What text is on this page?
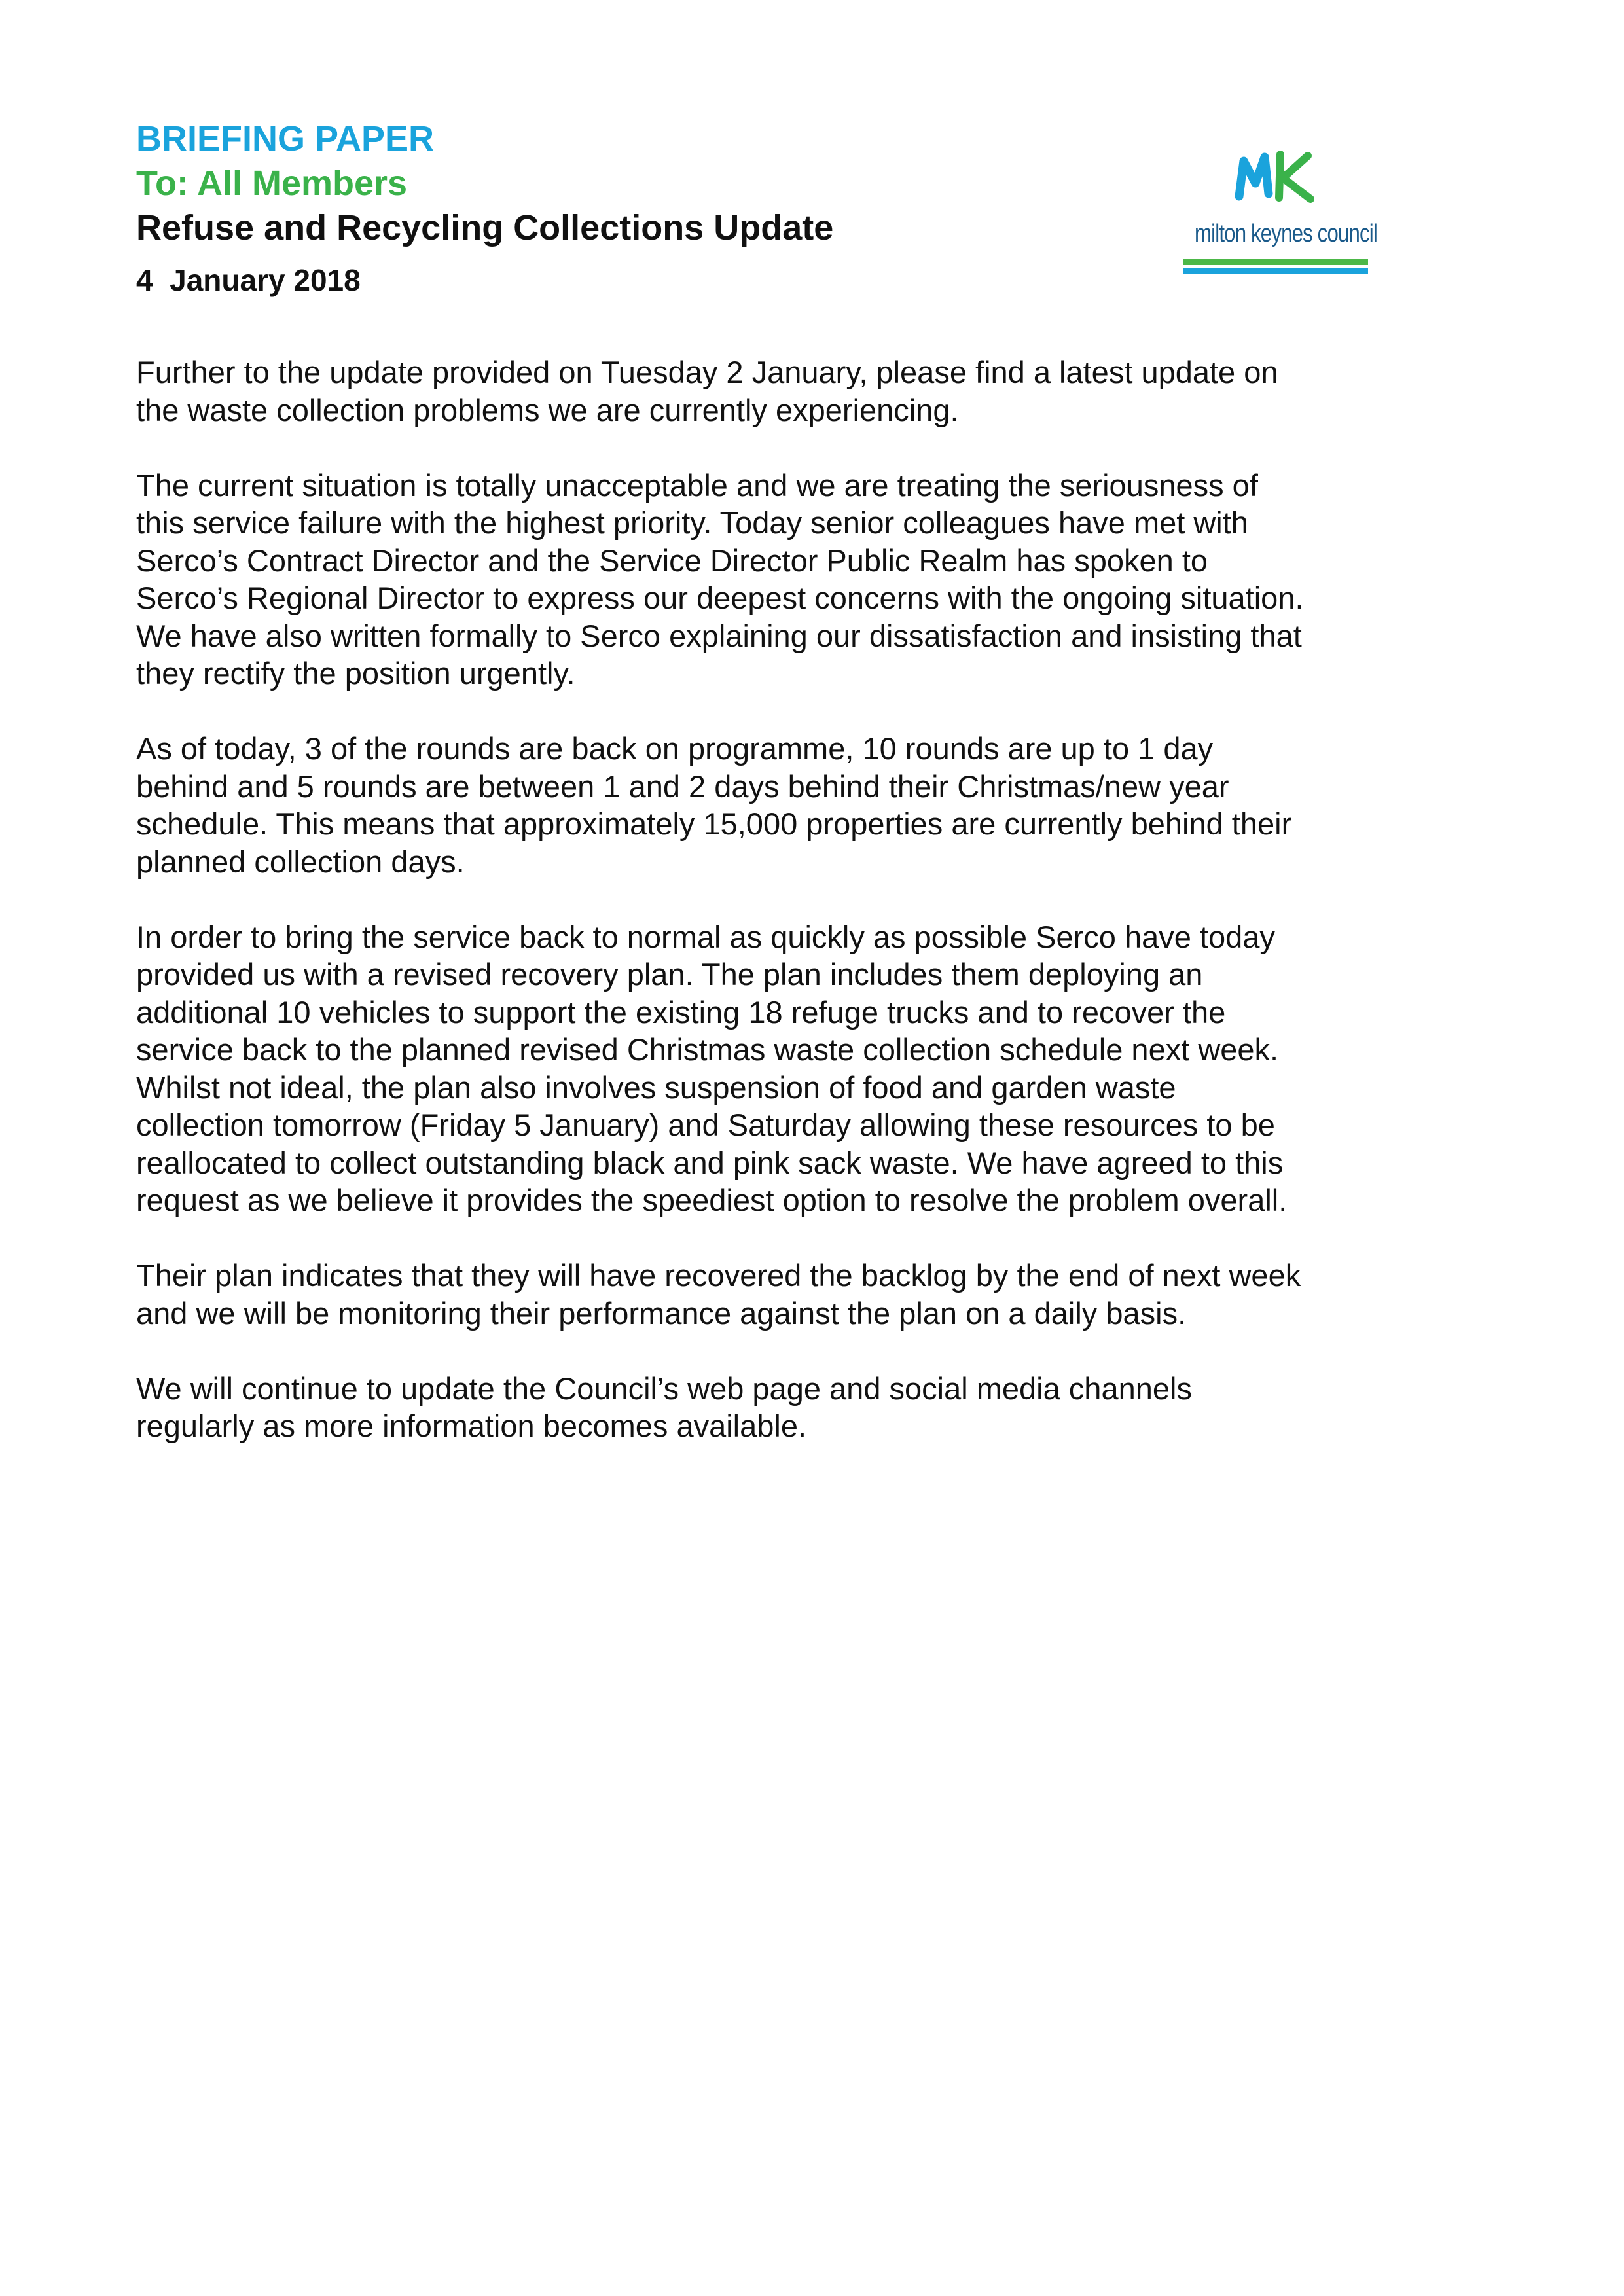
BRIEFING PAPER

To: All Members

Refuse and Recycling Collections Update

4  January 2018

milton keynes council

Further to the update provided on Tuesday 2 January, please find a latest update on
the waste collection problems we are currently experiencing.

The current situation is totally unacceptable and we are treating the seriousness of
this service failure with the highest priority. Today senior colleagues have met with
Serco’s Contract Director and the Service Director Public Realm has spoken to
Serco’s Regional Director to express our deepest concerns with the ongoing situation.
We have also written formally to Serco explaining our dissatisfaction and insisting that
they rectify the position urgently.

As of today, 3 of the rounds are back on programme, 10 rounds are up to 1 day
behind and 5 rounds are between 1 and 2 days behind their Christmas/new year
schedule. This means that approximately 15,000 properties are currently behind their
planned collection days.

In order to bring the service back to normal as quickly as possible Serco have today
provided us with a revised recovery plan. The plan includes them deploying an
additional 10 vehicles to support the existing 18 refuge trucks and to recover the
service back to the planned revised Christmas waste collection schedule next week.
Whilst not ideal, the plan also involves suspension of food and garden waste
collection tomorrow (Friday 5 January) and Saturday allowing these resources to be
reallocated to collect outstanding black and pink sack waste. We have agreed to this
request as we believe it provides the speediest option to resolve the problem overall.

Their plan indicates that they will have recovered the backlog by the end of next week
and we will be monitoring their performance against the plan on a daily basis.

We will continue to update the Council’s web page and social media channels
regularly as more information becomes available.
